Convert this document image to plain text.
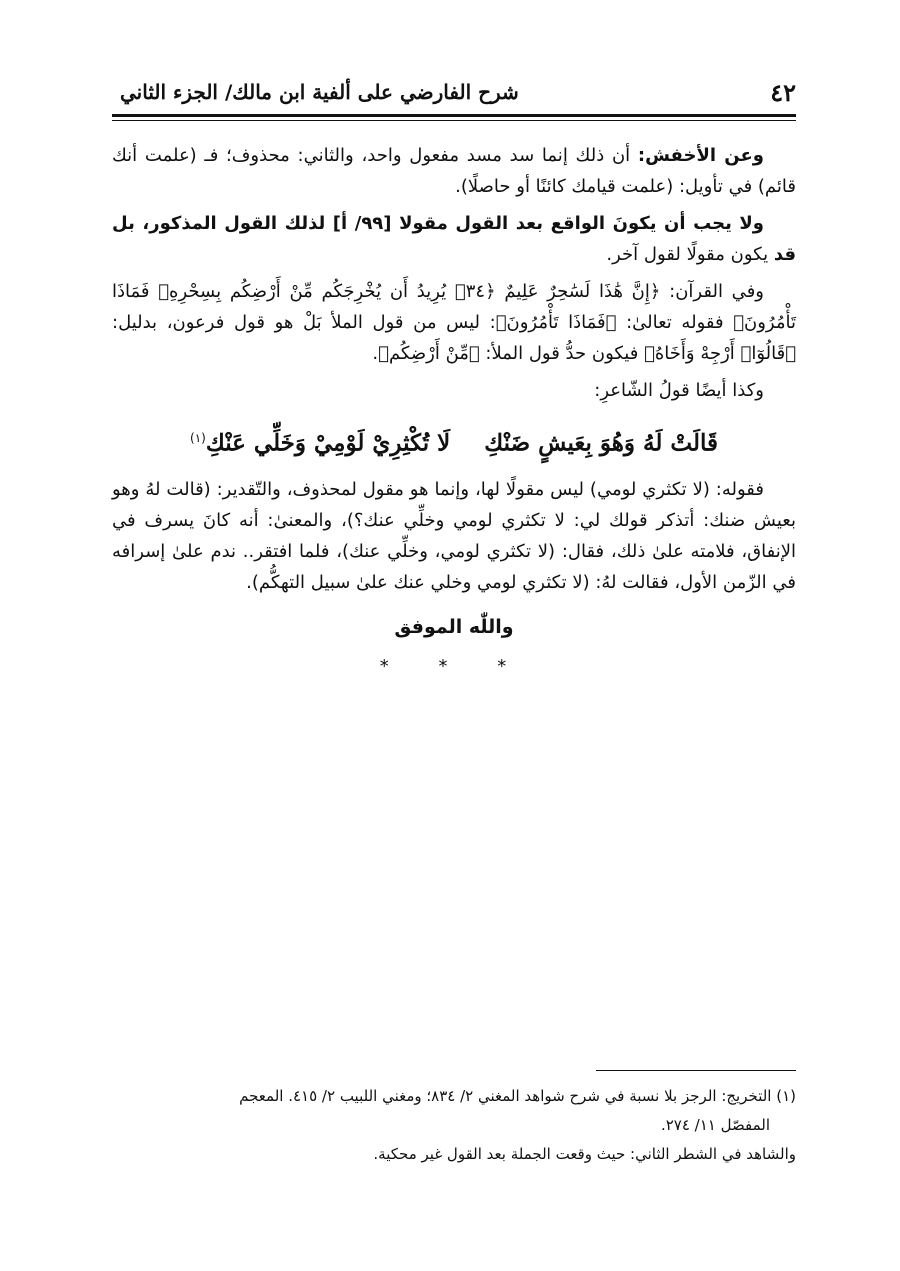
٤٢
شرح الفارضي على ألفية ابن مالك/ الجزء الثاني

وعن الأخفش: أن ذلك إنما سد مسد مفعول واحد، والثاني: محذوف؛ فـ (علمت أنك قائم) في تأويل: (علمت قيامك كائنًا أو حاصلًا).

ولا يجب أن يكونَ الواقع بعد القول مقولا [٩٩/ أ] لذلك القول المذكور، بل قد يكون مقولًا لقول آخر.

وفي القرآن: ﴿إِنَّ هَٰذَا لَسَٰحِرٌ عَلِيمٌ ﴿٣٤﴾ يُرِيدُ أَن يُخْرِجَكُم مِّنْ أَرْضِكُم بِسِحْرِهِۦ فَمَاذَا تَأْمُرُونَ﴾ فقوله تعالىٰ: ﴿فَمَاذَا تَأْمُرُونَ﴾: ليس من قول الملأ بَلْ هو قول فرعون، بدليل: ﴿قَالُوٓا۟ أَرْجِهْ وَأَخَاهُ﴾ فيكون حدُّ قول الملأ: ﴿مِّنْ أَرْضِكُم﴾.

وكذا أيضًا قولُ الشّاعرِ:

قَالَتْ لَهُ وَهُوَ بِعَيشٍ ضَنْكِلَا تُكْثِرِيْ لَوْمِيْ وَخَلِّي عَنْكِ$^{(١)}$

فقوله: (لا تكثري لومي) ليس مقولًا لها، وإنما هو مقول لمحذوف، والتّقدير: (قالت لهُ وهو بعيش ضنك: أتذكر قولك لي: لا تكثري لومي وخلِّي عنك؟)، والمعنىٰ: أنه كانَ يسرف في الإنفاق، فلامته علىٰ ذلك، فقال: (لا تكثري لومي، وخلِّي عنك)، فلما افتقر.. ندم علىٰ إسرافه في الزّمن الأول، فقالت لهُ: (لا تكثري لومي وخلي عنك علىٰ سبيل التهكُّم).

واللّٰه الموفق
* * *

(١) التخريج: الرجز بلا نسبة في شرح شواهد المغني ٢/ ٨٣٤؛ ومغني اللبيب ٢/ ٤١٥. المعجم

المفصّل ١١/ ٢٧٤.

والشاهد في الشطر الثاني: حيث وقعت الجملة بعد القول غير محكية.
